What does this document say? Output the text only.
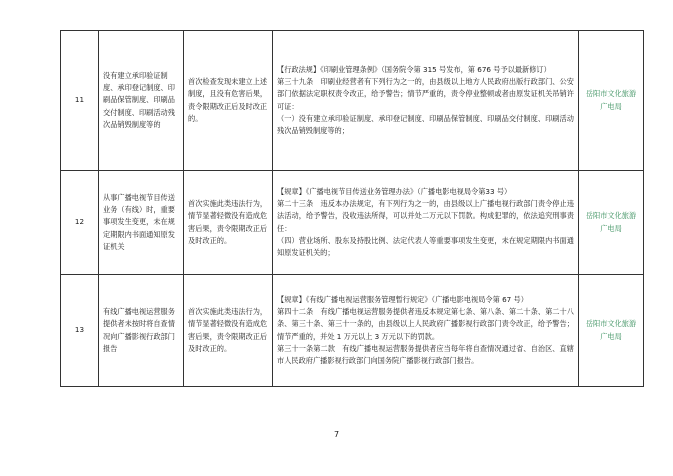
11	没有建立承印验证制度、承印登记制度、印刷品保管制度、印刷品交付制度、印刷活动残次品销毁制度等的	首次检查发现未建立上述制度，且没有危害后果，责令限期改正后及时改正的。	【行政法规】《印刷业管理条例》（国务院令第 315 号发布，第 676 号予以最新修订）

第三十九条　印刷业经营者有下列行为之一的，由县级以上地方人民政府出版行政部门、公安部门依据法定职权责令改正，给予警告；情节严重的，责令停业整顿或者由原发证机关吊销许可证：

（一）没有建立承印验证制度、承印登记制度、印刷品保管制度、印刷品交付制度、印刷活动残次品销毁制度等的；	岳阳市文化旅游广电局
12	从事广播电视节目传送业务（有线）时，重要事项发生变更，未在规定期限内书面通知原发证机关	首次实施此类违法行为，情节显著轻微没有造成危害后果，责令限期改正后及时改正的。	【规章】《广播电视节目传送业务管理办法》（广播电影电视局令第33 号）

第二十三条　违反本办法规定，有下列行为之一的，由县级以上广播电视行政部门责令停止违法活动，给予警告，没收违法所得，可以并处二万元以下罚款。构成犯罪的，依法追究刑事责任：

（四）营业场所、股东及持股比例、法定代表人等重要事项发生变更，未在规定期限内书面通知原发证机关的；	岳阳市文化旅游广电局
13	有线广播电视运营服务提供者未按时将自查情况向广播影视行政部门报告	首次实施此类违法行为，情节显著轻微没有造成危害后果，责令限期改正后及时改正的。	【规章】《有线广播电视运营服务管理暂行规定》（广播电影电视局令第 67 号）

第四十二条　有线广播电视运营服务提供者违反本规定第七条、第八条、第二十条、第二十八条、第三十条、第三十一条的，由县级以上人民政府广播影视行政部门责令改正，给予警告；情节严重的，并处 1 万元以上 3 万元以下的罚款。

第三十一条第二款　有线广播电视运营服务提供者应当每年将自查情况通过省、自治区、直辖市人民政府广播影视行政部门向国务院广播影视行政部门报告。	岳阳市文化旅游广电局
7
